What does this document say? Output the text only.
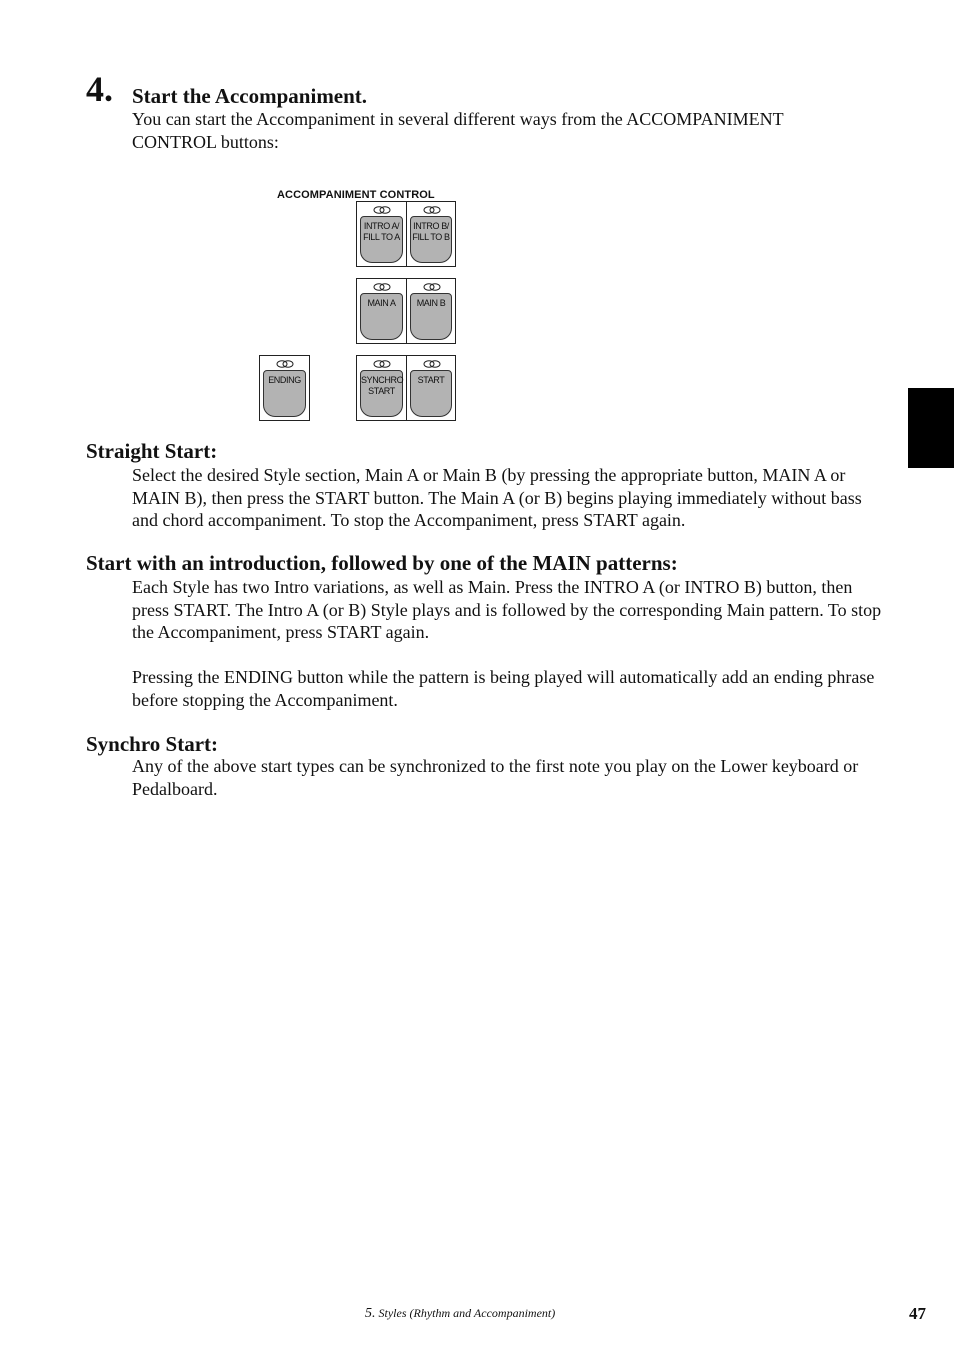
4. Start the Accompaniment.
You can start the Accompaniment in several different ways from the ACCOMPANIMENT CONTROL buttons:
ACCOMPANIMENT CONTROL
INTRO A/
FILL TO A
INTRO B/
FILL TO B
MAIN A	MAIN B
ENDING	SYNCHRO
START
START
Straight Start:
Select the desired Style section, Main A or Main B (by pressing the appropriate button, MAIN A or MAIN B), then press the START button. The Main A (or B) begins playing immediately without bass and chord accompaniment. To stop the Accompaniment, press START again.
Start with an introduction, followed by one of the MAIN patterns:
Each Style has two Intro variations, as well as Main. Press the INTRO A (or INTRO B) button, then press START. The Intro A (or B) Style plays and is followed by the corresponding Main pattern. To stop the Accompaniment, press START again.
Pressing the ENDING button while the pattern is being played will automatically add an ending phrase before stopping the Accompaniment.
Synchro Start:
Any of the above start types can be synchronized to the first note you play on the Lower keyboard or Pedalboard.
5. Styles (Rhythm and Accompaniment)	47
